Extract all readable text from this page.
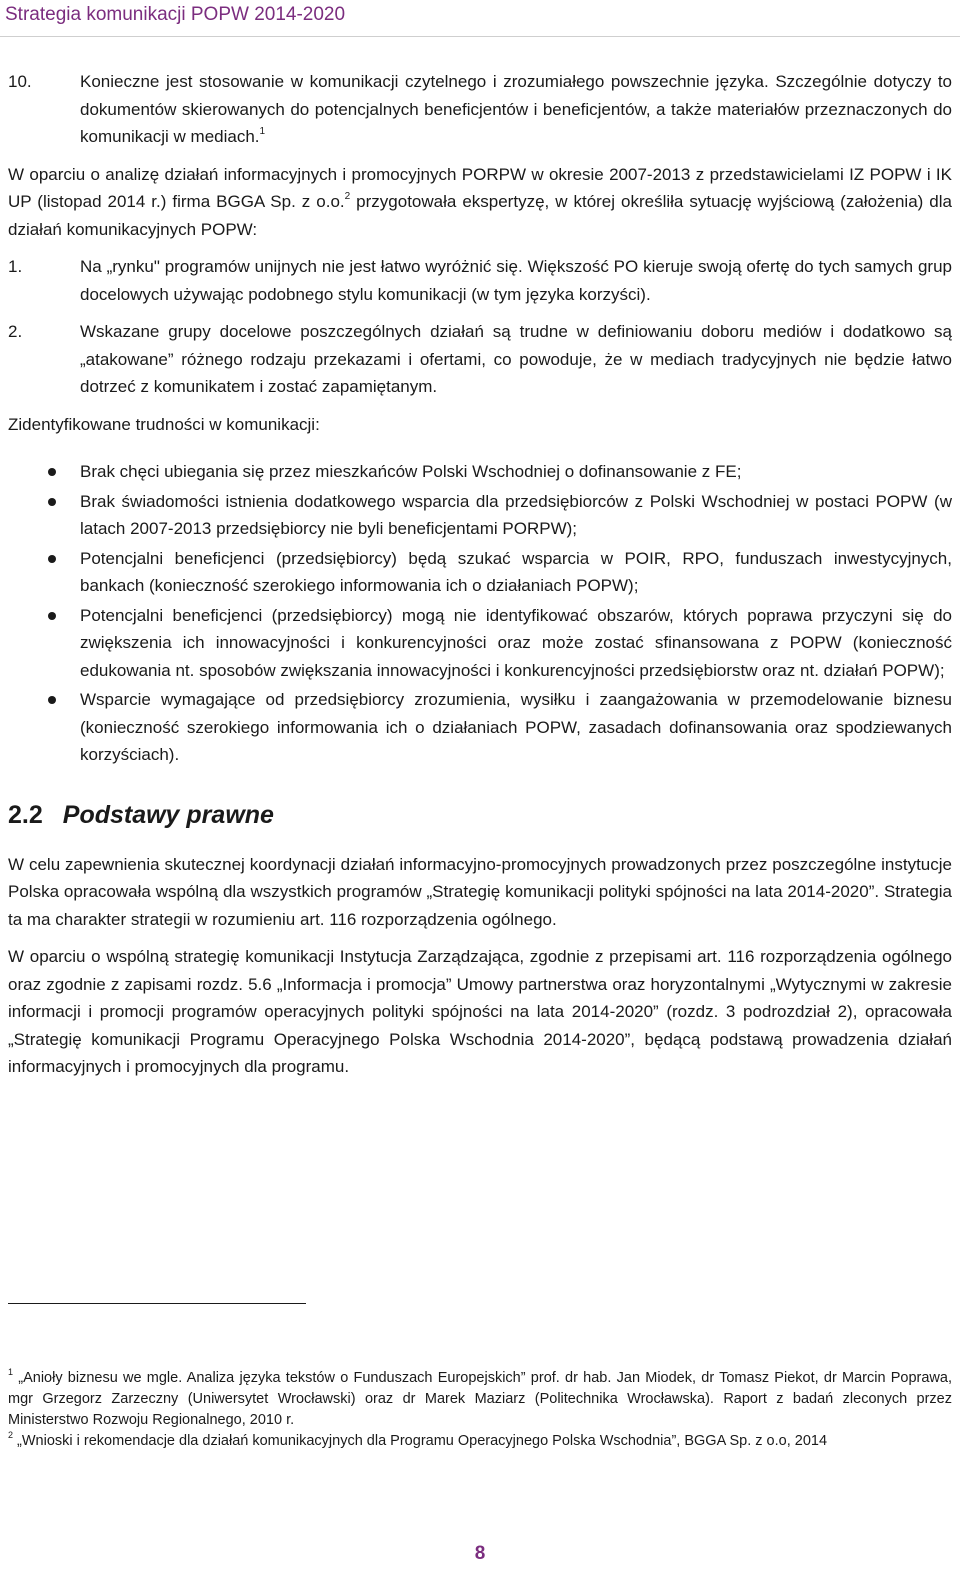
Strategia komunikacji POPW 2014-2020
10.	Konieczne jest stosowanie w komunikacji czytelnego i zrozumiałego powszechnie języka. Szczególnie dotyczy to dokumentów skierowanych do potencjalnych beneficjentów i beneficjentów, a także materiałów przeznaczonych do komunikacji w mediach.$^1$

W oparciu o analizę działań informacyjnych i promocyjnych PORPW w okresie 2007-2013 z przedstawicielami IZ POPW i IK UP (listopad 2014 r.) firma BGGA Sp. z o.o.$^2$ przygotowała ekspertyzę, w której określiła sytuację wyjściową (założenia) dla działań komunikacyjnych POPW:

1.	Na „rynku" programów unijnych nie jest łatwo wyróżnić się. Większość PO kieruje swoją ofertę do tych samych grup docelowych używając podobnego stylu komunikacji (w tym języka korzyści).
2.	Wskazane grupy docelowe poszczególnych działań są trudne w definiowaniu doboru mediów i dodatkowo są „atakowane” różnego rodzaju przekazami i ofertami, co powoduje, że w mediach tradycyjnych nie będzie łatwo dotrzeć z komunikatem i zostać zapamiętanym.

Zidentyfikowane trudności w komunikacji:

Brak chęci ubiegania się przez mieszkańców Polski Wschodniej o dofinansowanie z FE;
Brak świadomości istnienia dodatkowego wsparcia dla przedsiębiorców z Polski Wschodniej w postaci POPW (w latach 2007-2013 przedsiębiorcy nie byli beneficjentami PORPW);
Potencjalni beneficjenci (przedsiębiorcy) będą szukać wsparcia w POIR, RPO, funduszach inwestycyjnych, bankach (konieczność szerokiego informowania ich o działaniach POPW);
Potencjalni beneficjenci (przedsiębiorcy) mogą nie identyfikować obszarów, których poprawa przyczyni się do zwiększenia ich innowacyjności i konkurencyjności oraz może zostać sfinansowana z POPW (konieczność edukowania nt. sposobów zwiększania innowacyjności i konkurencyjności przedsiębiorstw oraz nt. działań POPW);
Wsparcie wymagające od przedsiębiorcy zrozumienia, wysiłku i zaangażowania w przemodelowanie biznesu (konieczność szerokiego informowania ich o działaniach POPW, zasadach dofinansowania oraz spodziewanych korzyściach).
2.2 Podstawy prawne

W celu zapewnienia skutecznej koordynacji działań informacyjno-promocyjnych prowadzonych przez poszczególne instytucje Polska opracowała wspólną dla wszystkich programów „Strategię komunikacji polityki spójności na lata 2014-2020”. Strategia ta ma charakter strategii w rozumieniu art. 116 rozporządzenia ogólnego.

W oparciu o wspólną strategię komunikacji Instytucja Zarządzająca, zgodnie z przepisami art. 116 rozporządzenia ogólnego oraz zgodnie z zapisami rozdz. 5.6 „Informacja i promocja” Umowy partnerstwa oraz horyzontalnymi „Wytycznymi w zakresie informacji i promocji programów operacyjnych polityki spójności na lata 2014-2020” (rozdz. 3 podrozdział 2), opracowała „Strategię komunikacji Programu Operacyjnego Polska Wschodnia 2014-2020”, będącą podstawą prowadzenia działań informacyjnych i promocyjnych dla programu.

$^1$ „Anioły biznesu we mgle. Analiza języka tekstów o Funduszach Europejskich” prof. dr hab. Jan Miodek, dr Tomasz Piekot, dr Marcin Poprawa, mgr Grzegorz Zarzeczny (Uniwersytet Wrocławski) oraz dr Marek Maziarz (Politechnika Wrocławska). Raport z badań zleconych przez Ministerstwo Rozwoju Regionalnego, 2010 r.

$^2$ „Wnioski i rekomendacje dla działań komunikacyjnych dla Programu Operacyjnego Polska Wschodnia”, BGGA Sp. z o.o, 2014

8
